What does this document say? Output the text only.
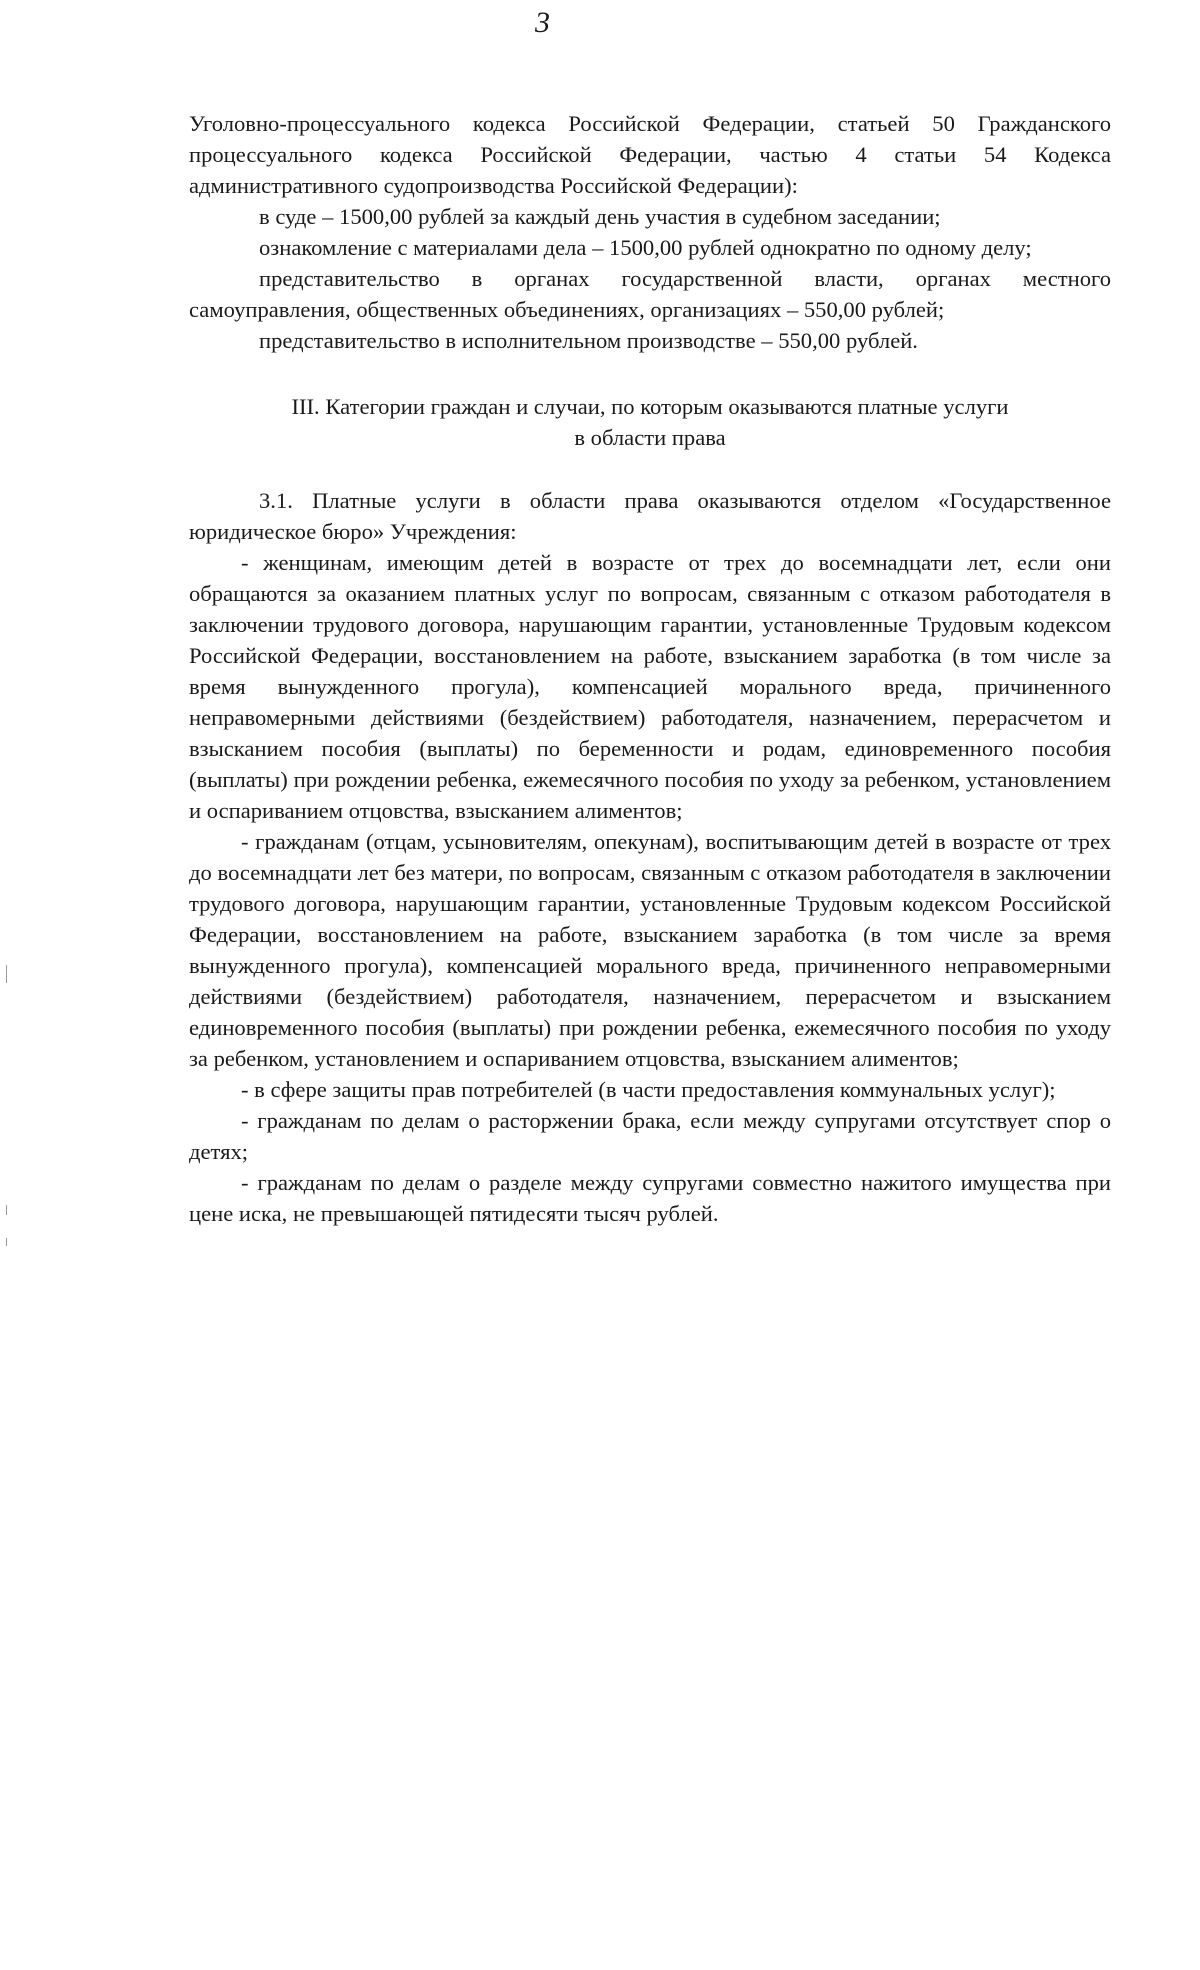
3

Уголовно-процессуального кодекса Российской Федерации, статьей 50 Гражданского процессуального кодекса Российской Федерации, частью 4 статьи 54 Кодекса административного судопроизводства Российской Федерации):

в суде – 1500,00 рублей за каждый день участия в судебном заседании;

ознакомление с материалами дела – 1500,00 рублей однократно по одному делу;

представительство в органах государственной власти, органах местного самоуправления, общественных объединениях, организациях – 550,00 рублей;

представительство в исполнительном производстве – 550,00 рублей.

III. Категории граждан и случаи, по которым оказываются платные услуги
в области права

3.1. Платные услуги в области права оказываются отделом «Государственное юридическое бюро» Учреждения:

- женщинам, имеющим детей в возрасте от трех до восемнадцати лет, если они обращаются за оказанием платных услуг по вопросам, связанным с отказом работодателя в заключении трудового договора, нарушающим гарантии, установленные Трудовым кодексом Российской Федерации, восстановлением на работе, взысканием заработка (в том числе за время вынужденного прогула), компенсацией морального вреда, причиненного неправомерными действиями (бездействием) работодателя, назначением, перерасчетом и взысканием пособия (выплаты) по беременности и родам, единовременного пособия (выплаты) при рождении ребенка, ежемесячного пособия по уходу за ребенком, установлением и оспариванием отцовства, взысканием алиментов;

- гражданам (отцам, усыновителям, опекунам), воспитывающим детей в возрасте от трех до восемнадцати лет без матери, по вопросам, связанным с отказом работодателя в заключении трудового договора, нарушающим гарантии, установленные Трудовым кодексом Российской Федерации, восстановлением на работе, взысканием заработка (в том числе за время вынужденного прогула), компенсацией морального вреда, причиненного неправомерными действиями (бездействием) работодателя, назначением, перерасчетом и взысканием единовременного пособия (выплаты) при рождении ребенка, ежемесячного пособия по уходу за ребенком, установлением и оспариванием отцовства, взысканием алиментов;

- в сфере защиты прав потребителей (в части предоставления коммунальных услуг);

- гражданам по делам о расторжении брака, если между супругами отсутствует спор о детях;

- гражданам по делам о разделе между супругами совместно нажитого имущества при цене иска, не превышающей пятидесяти тысяч рублей.
